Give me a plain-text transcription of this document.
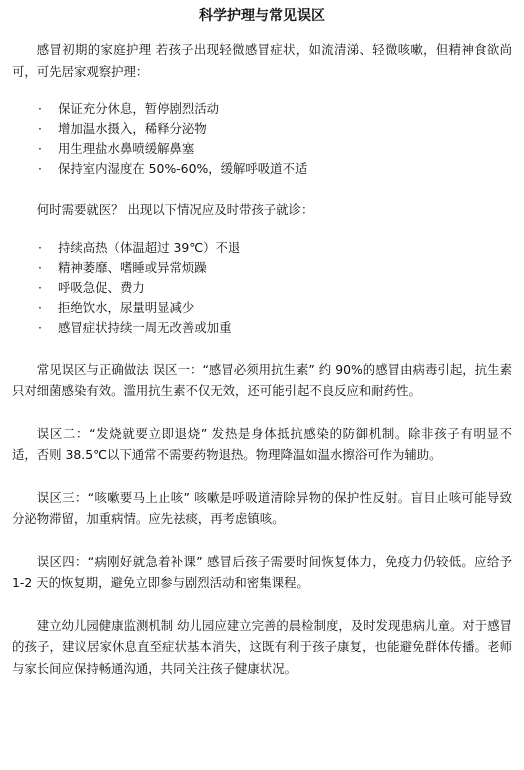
科学护理与常见误区

感冒初期的家庭护理 若孩子出现轻微感冒症状，如流清涕、轻微咳嗽，但精神食欲尚可，可先居家观察护理：

·	保证充分休息，暂停剧烈活动
·	增加温水摄入，稀释分泌物
·	用生理盐水鼻喷缓解鼻塞
·	保持室内湿度在 50%-60%，缓解呼吸道不适

何时需要就医？ 出现以下情况应及时带孩子就诊：

·	持续高热（体温超过 39℃）不退
·	精神萎靡、嗜睡或异常烦躁
·	呼吸急促、费力
·	拒绝饮水，尿量明显减少
·	感冒症状持续一周无改善或加重

常见误区与正确做法 误区一：“感冒必须用抗生素” 约 90%的感冒由病毒引起，抗生素只对细菌感染有效。滥用抗生素不仅无效，还可能引起不良反应和耐药性。

误区二：“发烧就要立即退烧” 发热是身体抵抗感染的防御机制。除非孩子有明显不适，否则 38.5℃以下通常不需要药物退热。物理降温如温水擦浴可作为辅助。

误区三：“咳嗽要马上止咳” 咳嗽是呼吸道清除异物的保护性反射。盲目止咳可能导致分泌物滞留，加重病情。应先祛痰，再考虑镇咳。

误区四：“病刚好就急着补课” 感冒后孩子需要时间恢复体力，免疫力仍较低。应给予 1-2 天的恢复期，避免立即参与剧烈活动和密集课程。

建立幼儿园健康监测机制 幼儿园应建立完善的晨检制度，及时发现患病儿童。对于感冒的孩子，建议居家休息直至症状基本消失，这既有利于孩子康复，也能避免群体传播。老师与家长间应保持畅通沟通，共同关注孩子健康状况。
